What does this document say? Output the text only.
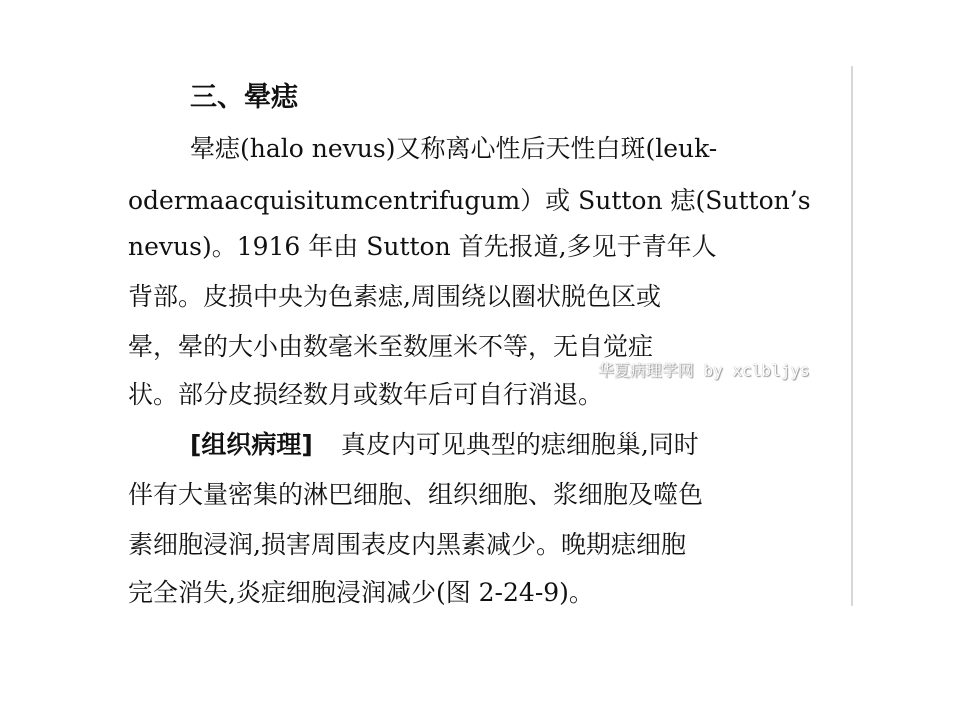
三、晕痣
晕痣(halo nevus)又称离心性后天性白斑(leuk-
odermaacquisitumcentrifugum）或 Sutton 痣(Sutton’s
nevus)。1916 年由 Sutton 首先报道,多见于青年人
背部。皮损中央为色素痣,周围绕以圈状脱色区或
晕，晕的大小由数毫米至数厘米不等，无自觉症
状。部分皮损经数月或数年后可自行消退。
[组织病理] 真皮内可见典型的痣细胞巢,同时
伴有大量密集的淋巴细胞、组织细胞、浆细胞及噬色
素细胞浸润,损害周围表皮内黑素减少。晚期痣细胞
完全消失,炎症细胞浸润减少(图 2-24-9)。
华夏病理学网 by xclbljys
